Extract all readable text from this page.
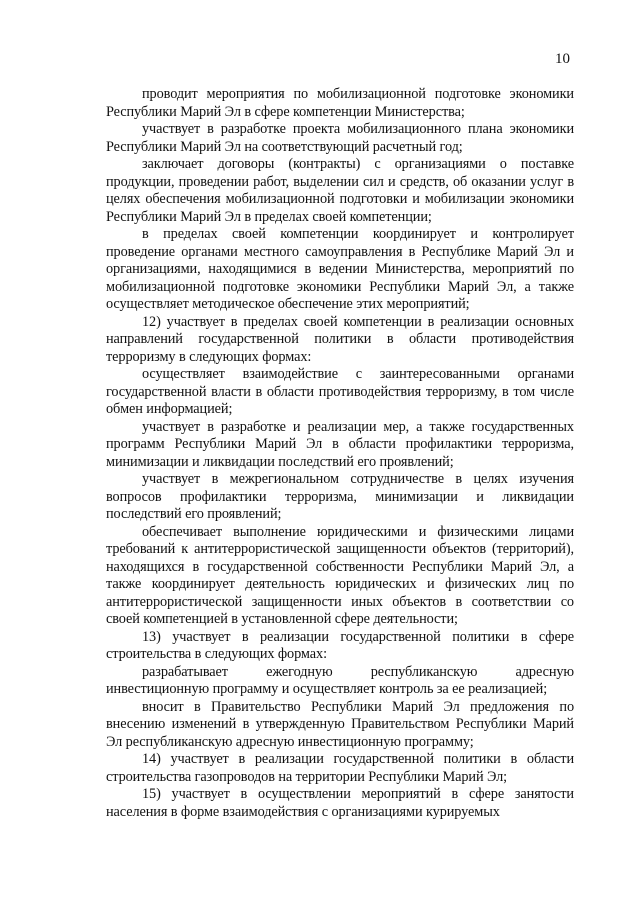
10

проводит мероприятия по мобилизационной подготовке экономики Республики Марий Эл в сфере компетенции Министерства;

участвует в разработке проекта мобилизационного плана экономики Республики Марий Эл на соответствующий расчетный год;

заключает договоры (контракты) с организациями о поставке продукции, проведении работ, выделении сил и средств, об оказании услуг в целях обеспечения мобилизационной подготовки и мобилизации экономики Республики Марий Эл в пределах своей компетенции;

в пределах своей компетенции координирует и контролирует проведение органами местного самоуправления в Республике Марий Эл и организациями, находящимися в ведении Министерства, мероприятий по мобилизационной подготовке экономики Республики Марий Эл, а также осуществляет методическое обеспечение этих мероприятий;

12) участвует в пределах своей компетенции в реализации основных направлений государственной политики в области противодействия терроризму в следующих формах:

осуществляет взаимодействие с заинтересованными органами государственной власти в области противодействия терроризму, в том числе обмен информацией;

участвует в разработке и реализации мер, а также государственных программ Республики Марий Эл в области профилактики терроризма, минимизации и ликвидации последствий его проявлений;

участвует в межрегиональном сотрудничестве в целях изучения вопросов профилактики терроризма, минимизации и ликвидации последствий его проявлений;

обеспечивает выполнение юридическими и физическими лицами требований к антитеррористической защищенности объектов (территорий), находящихся в государственной собственности Республики Марий Эл, а также координирует деятельность юридических и физических лиц по антитеррористической защищенности иных объектов в соответствии со своей компетенцией в установленной сфере деятельности;

13) участвует в реализации государственной политики в сфере строительства в следующих формах:

разрабатывает ежегодную республиканскую адресную инвестиционную программу и осуществляет контроль за ее реализацией;

вносит в Правительство Республики Марий Эл предложения по внесению изменений в утвержденную Правительством Республики Марий Эл республиканскую адресную инвестиционную программу;

14) участвует в реализации государственной политики в области строительства газопроводов на территории Республики Марий Эл;

15) участвует в осуществлении мероприятий в сфере занятости населения в форме взаимодействия с организациями курируемых
